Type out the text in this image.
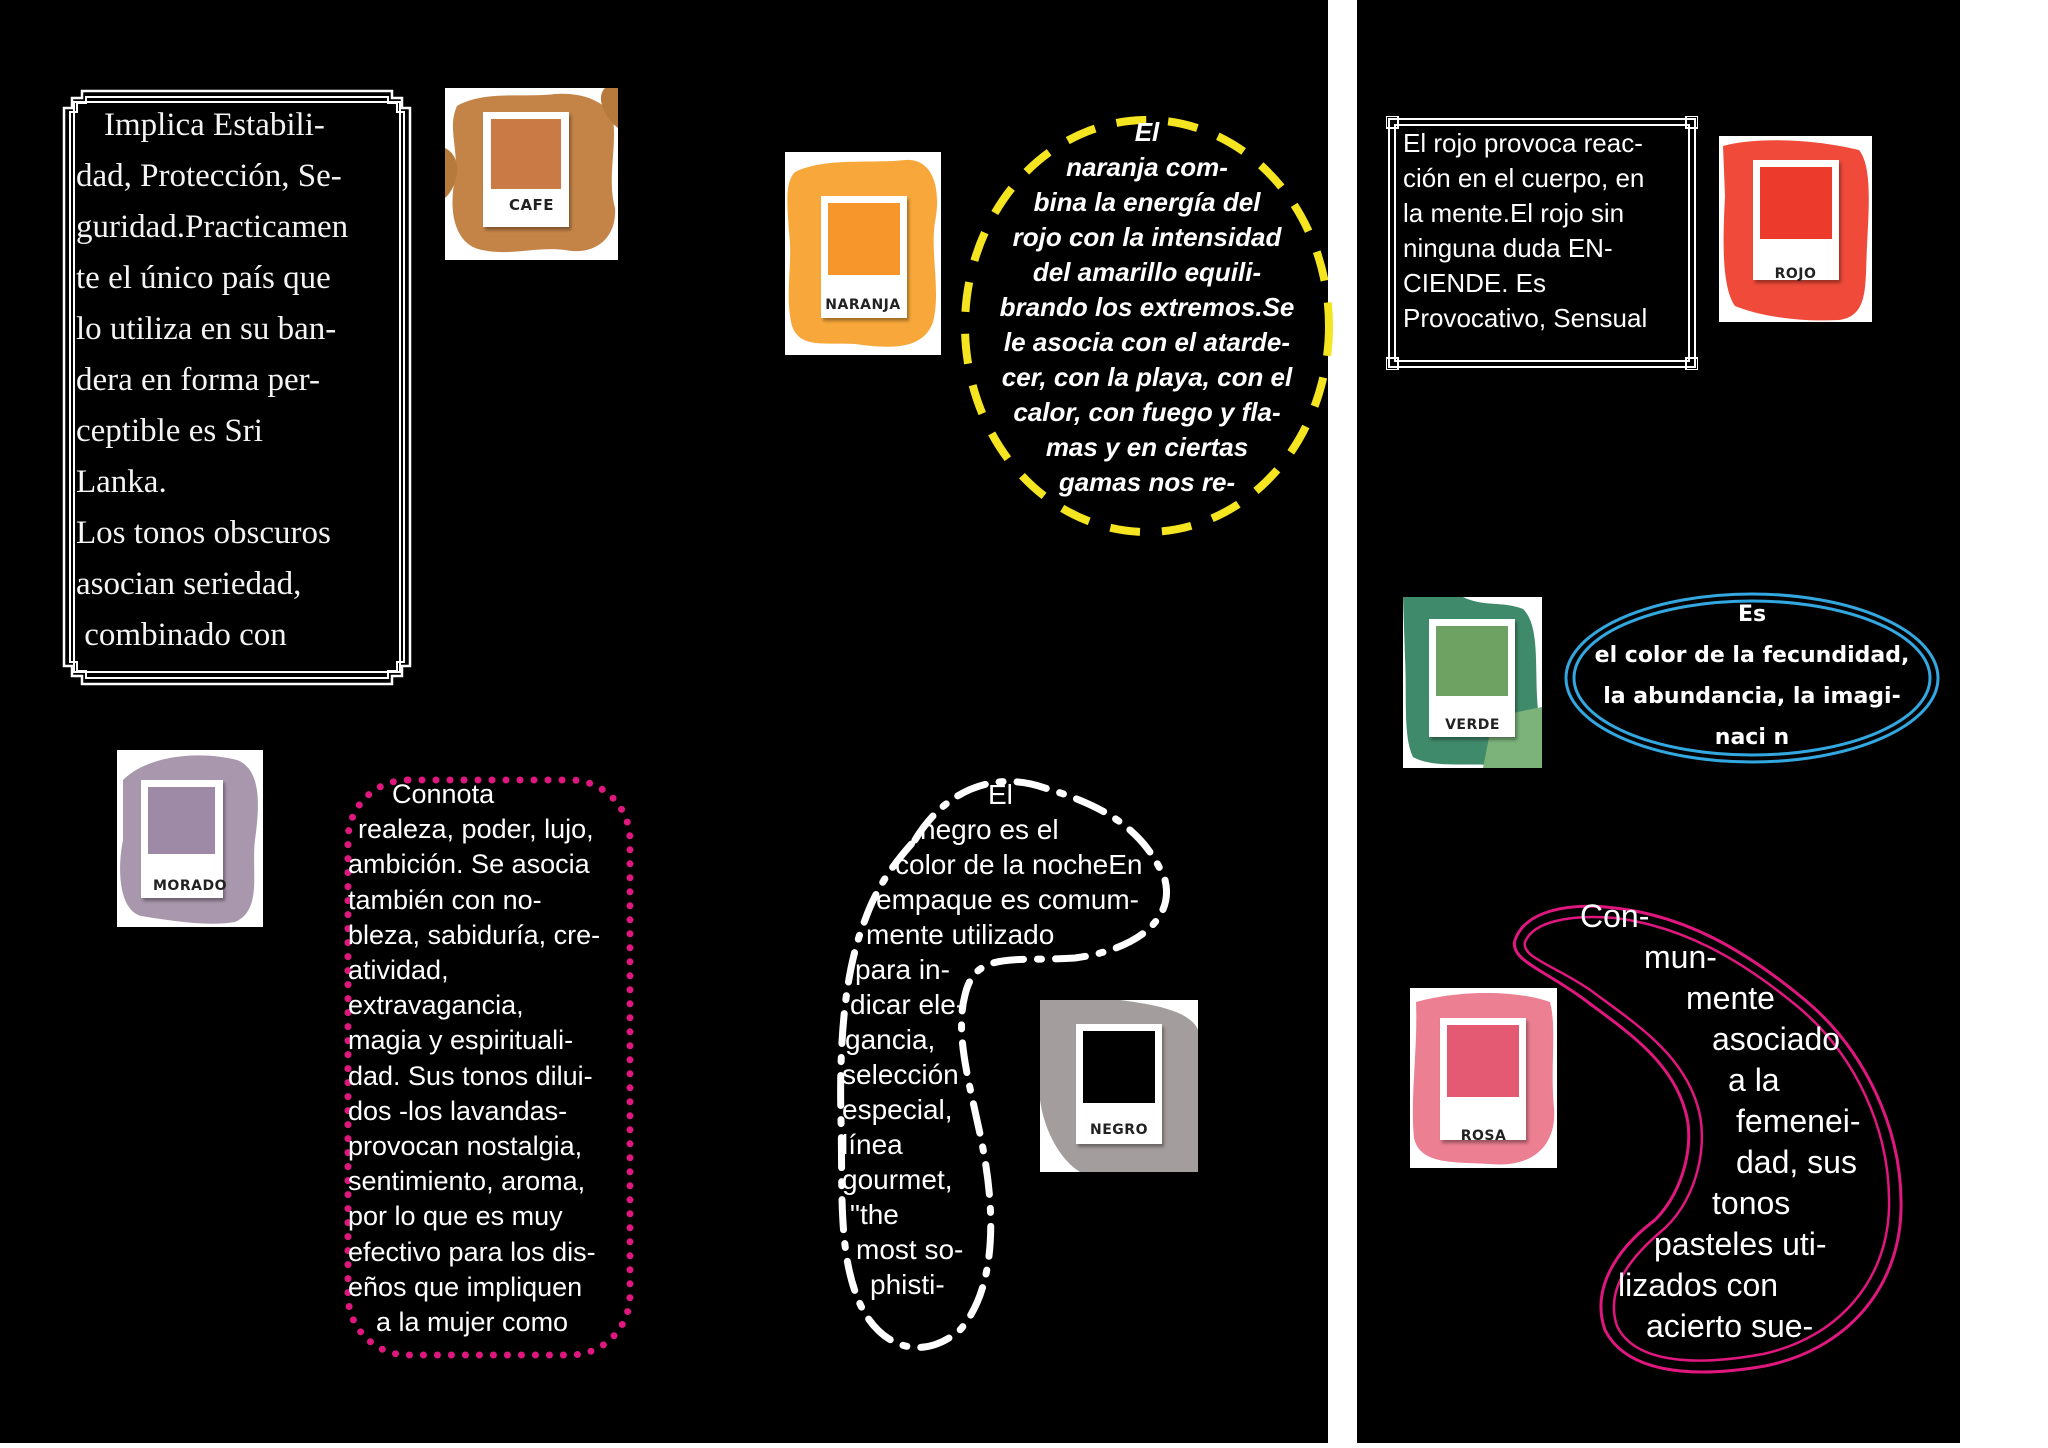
Implica Estabili-
dad, Protección, Se-
guridad.Practicamen
te el único país que
lo utiliza en su ban-
dera en forma per-
ceptible es Sri
Lanka.
Los tonos obscuros
asocian seriedad,
combinado con
CAFE
NARANJA
El
naranja com-
bina la energía del
rojo con la intensidad
del amarillo equili-
brando los extremos.Se
le asocia con el atarde-
cer, con la playa, con el
calor, con fuego y fla-
mas y en ciertas
gamas nos re-
MORADO
Connota
realeza, poder, lujo,
ambición. Se asocia
también con no-
bleza, sabiduría, cre-
atividad,
extravagancia,
magia y espirituali-
dad. Sus tonos dilui-
dos -los lavandas-
provocan nostalgia,
sentimiento, aroma,
por lo que es muy
efectivo para los dis-
eños que impliquen
a la mujer como
El
negro es el
color de la nocheEn
empaque es comum-
mente utilizado
para in-
dicar ele-
gancia,
selección
especial,
línea
gourmet,
"the
most so-
phisti-
NEGRO
El rojo provoca reac-
ción en el cuerpo, en
la mente.El rojo sin
ninguna duda EN-
CIENDE. Es
Provocativo, Sensual
ROJO
VERDE
Es
el color de la fecundidad,
la abundancia, la imagi-
naci n
ROSA
Con-
mun-
mente
asociado
a la
femenei-
dad, sus
tonos
pasteles uti-
lizados con
acierto sue-
